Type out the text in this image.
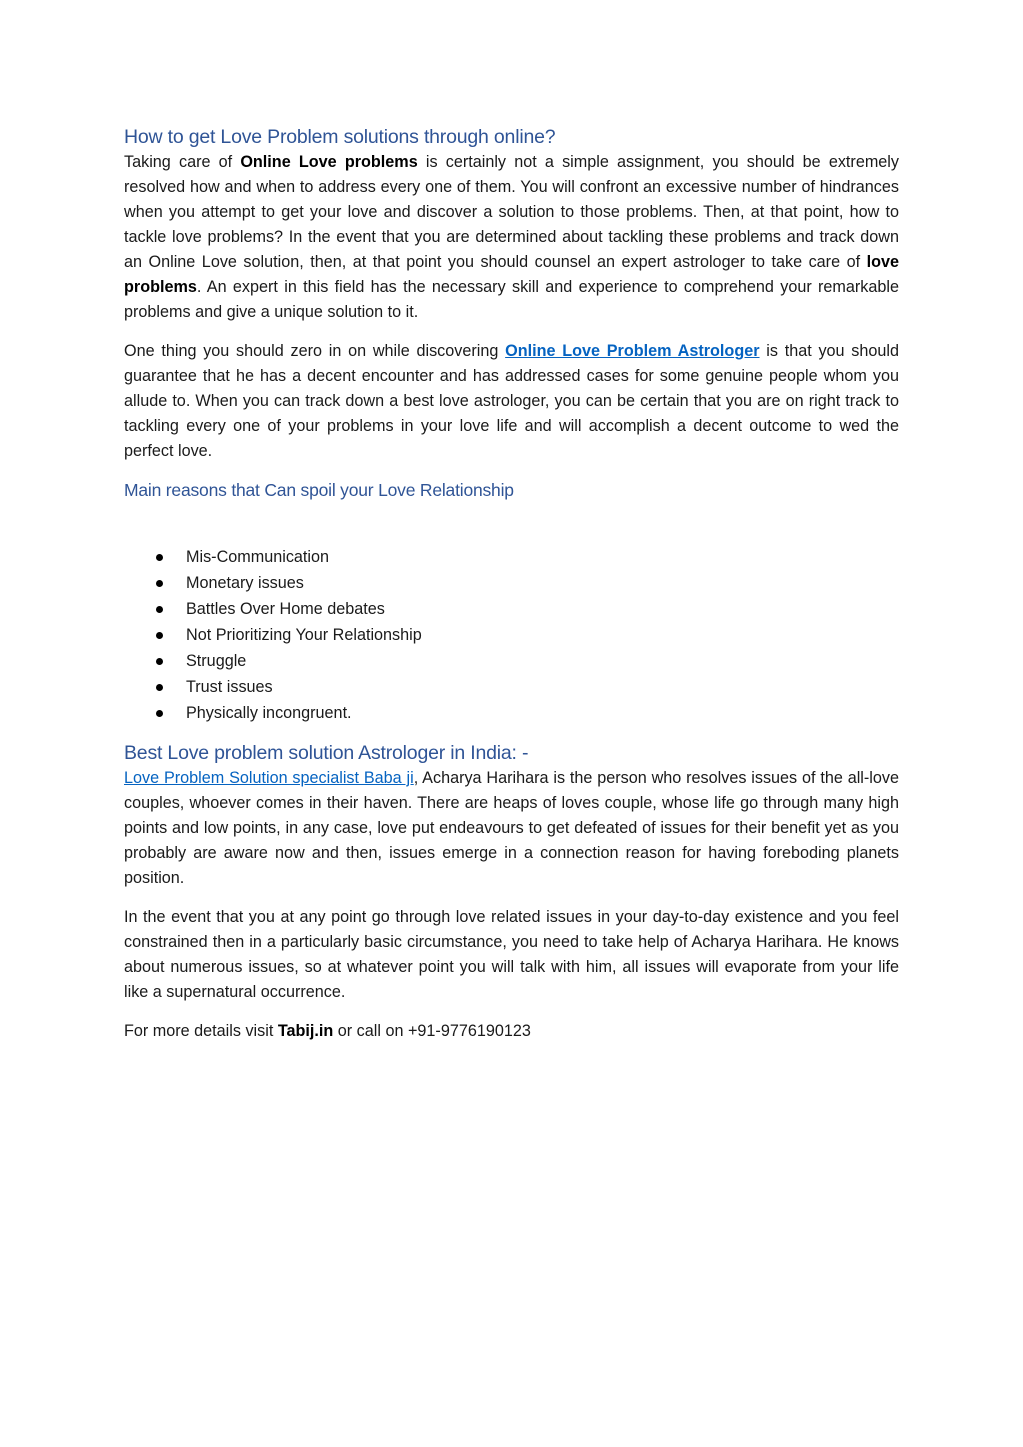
How to get Love Problem solutions through online?

Taking care of Online Love problems is certainly not a simple assignment, you should be extremely resolved how and when to address every one of them. You will confront an excessive number of hindrances when you attempt to get your love and discover a solution to those problems. Then, at that point, how to tackle love problems? In the event that you are determined about tackling these problems and track down an Online Love solution, then, at that point you should counsel an expert astrologer to take care of love problems. An expert in this field has the necessary skill and experience to comprehend your remarkable problems and give a unique solution to it.

One thing you should zero in on while discovering Online Love Problem Astrologer is that you should guarantee that he has a decent encounter and has addressed cases for some genuine people whom you allude to. When you can track down a best love astrologer, you can be certain that you are on right track to tackling every one of your problems in your love life and will accomplish a decent outcome to wed the perfect love.

Main reasons that Can spoil your Love Relationship
Mis-Communication
Monetary issues
Battles Over Home debates
Not Prioritizing Your Relationship
Struggle
Trust issues
Physically incongruent.
Best Love problem solution Astrologer in India: -

Love Problem Solution specialist Baba ji, Acharya Harihara is the person who resolves issues of the all-love couples, whoever comes in their haven. There are heaps of loves couple, whose life go through many high points and low points, in any case, love put endeavours to get defeated of issues for their benefit yet as you probably are aware now and then, issues emerge in a connection reason for having foreboding planets position.

In the event that you at any point go through love related issues in your day-to-day existence and you feel constrained then in a particularly basic circumstance, you need to take help of Acharya Harihara. He knows about numerous issues, so at whatever point you will talk with him, all issues will evaporate from your life like a supernatural occurrence.

For more details visit Tabij.in or call on +91-9776190123
